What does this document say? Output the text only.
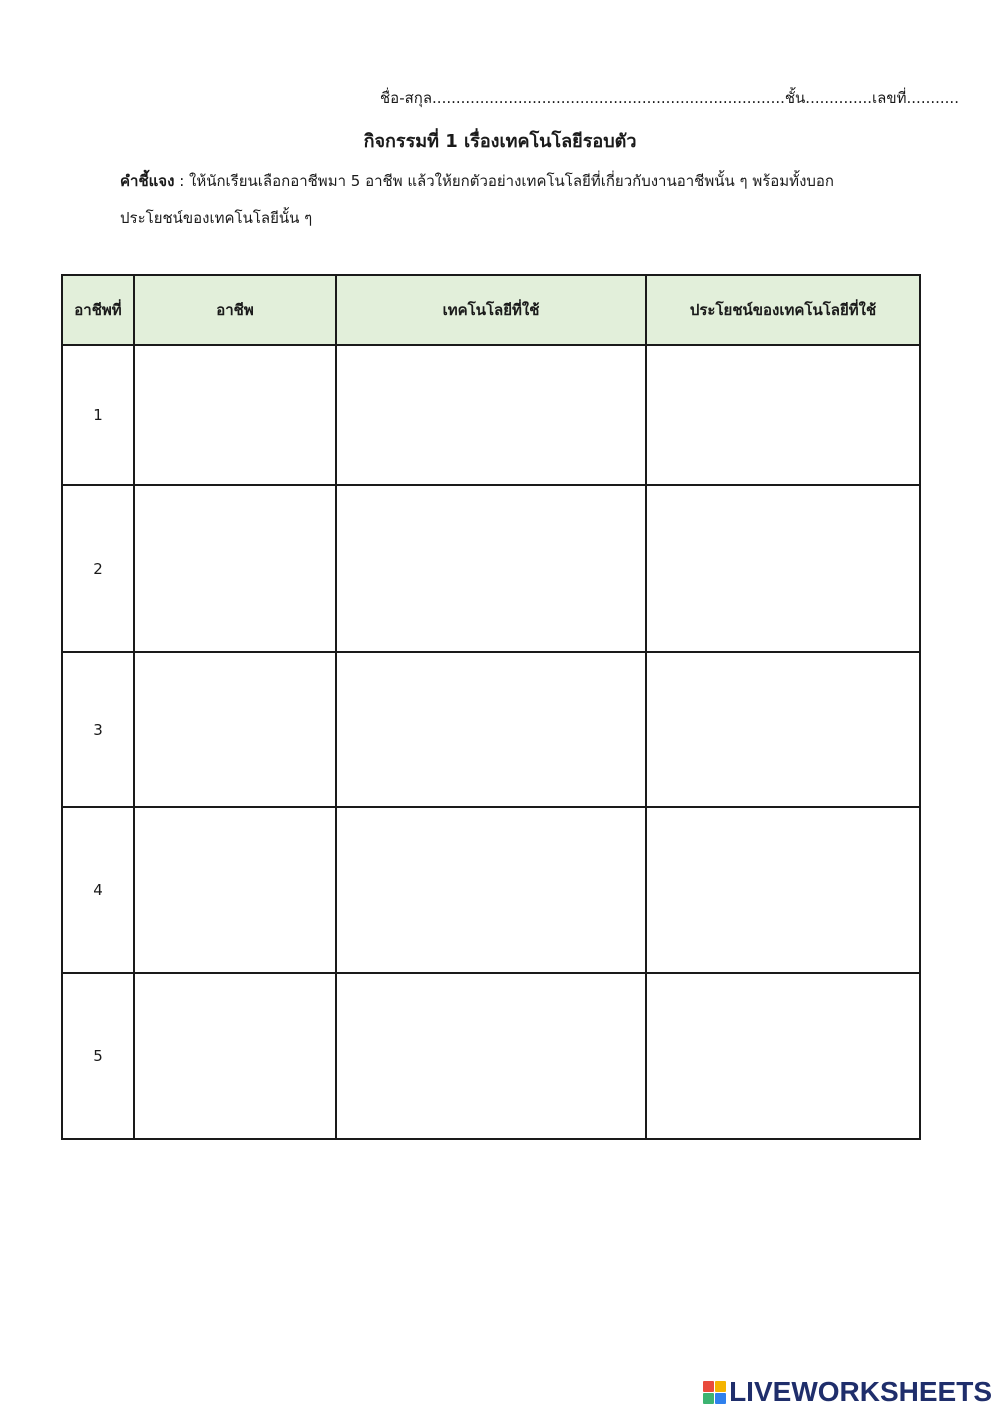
ชื่อ-สกุล..........................................................................ชั้น..............เลขที่...........
กิจกรรมที่ 1 เรื่องเทคโนโลยีรอบตัว
คำชี้แจง : ให้นักเรียนเลือกอาชีพมา 5 อาชีพ แล้วให้ยกตัวอย่างเทคโนโลยีที่เกี่ยวกับงานอาชีพนั้น ๆ พร้อมทั้งบอกประโยชน์ของเทคโนโลยีนั้น ๆ
อาชีพที่	อาชีพ	เทคโนโลยีที่ใช้	ประโยชน์ของเทคโนโลยีที่ใช้
1			
2			
3			
4			
5			
LIVEWORKSHEETS
